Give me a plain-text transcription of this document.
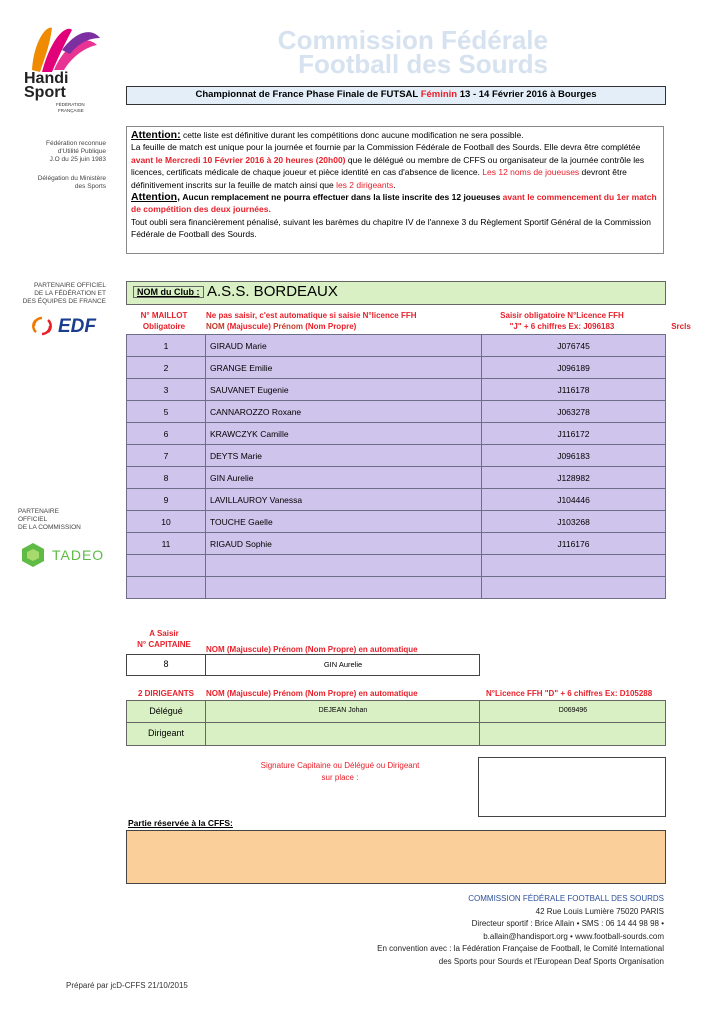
Handi
Sport
FÉDÉRATION
FRANÇAISE
Commission Fédérale
Football des Sourds
Championnat de France Phase Finale de FUTSAL Féminin 13 - 14 Février 2016 à Bourges
Fédération reconnue
d'Utilité Publique
J.O du 25 juin 1983
Délégation du Ministère
des Sports
PARTENAIRE OFFICIEL
DE LA FÉDÉRATION ET
DES ÉQUIPES DE FRANCE
EDF
PARTENAIRE OFFICIEL
DE LA COMMISSION
TADEO
Attention: cette liste est définitive durant les compétitions donc aucune modification ne sera possible.
La feuille de match est unique pour la journée et fournie par la Commission Fédérale de Football des Sourds. Elle devra être complétée avant le Mercredi 10 Février 2016 à 20 heures (20h00) que le délégué ou membre de CFFS ou organisateur de la journée contrôle les licences, certificats médicale de chaque joueur et pièce identité en cas d'absence de licence. Les 12 noms de joueuses devront être définitivement inscrits sur la feuille de match ainsi que les 2 dirigeants.
Attention, Aucun remplacement ne pourra effectuer dans la liste inscrite des 12 joueuses avant le commencement du 1er match de compétition des deux journées.
Tout oubli sera financièrement pénalisé, suivant les barèmes du chapitre IV de l'annexe 3 du Règlement Sportif Général de la Commission Fédérale de Football des Sourds.
NOM du Club : A.S.S. BORDEAUX
N° MAILLOT
Obligatoire
Ne pas saisir, c'est automatique si saisie N°licence FFH
NOM (Majuscule) Prénom (Nom Propre)
Saisir obligatoire N°Licence FFH
"J" + 6 chiffres Ex: J096183	Srcls
1	GIRAUD Marie	J076745
2	GRANGE Emilie	J096189
3	SAUVANET Eugenie	J116178
5	CANNAROZZO Roxane	J063278
6	KRAWCZYK Camille	J116172
7	DEYTS Marie	J096183
8	GIN Aurelie	J128982
9	LAVILLAUROY Vanessa	J104446
10	TOUCHE Gaelle	J103268
11	RIGAUD Sophie	J116176

A Saisir
N° CAPITAINE
NOM (Majuscule) Prénom (Nom Propre) en automatique
8	GIN Aurelie
2 DIRIGEANTS	NOM (Majuscule) Prénom (Nom Propre) en automatique	N°Licence FFH "D" + 6 chiffres Ex: D105288
Délégué	DEJEAN Johan	D069496
Dirigeant
Signature Capitaine ou Délégué ou Dirigeant
sur place :
Partie réservée à la CFFS:
COMMISSION FÉDÉRALE FOOTBALL DES SOURDS
42 Rue Louis Lumière 75020 PARIS
Directeur sportif : Brice Allain • SMS : 06 14 44 98 98 •
b.allain@handisport.org • www.football-sourds.com
En convention avec : la Fédération Française de Football, le Comité International
des Sports pour Sourds et l'European Deaf Sports Organisation
Préparé par jcD-CFFS 21/10/2015
